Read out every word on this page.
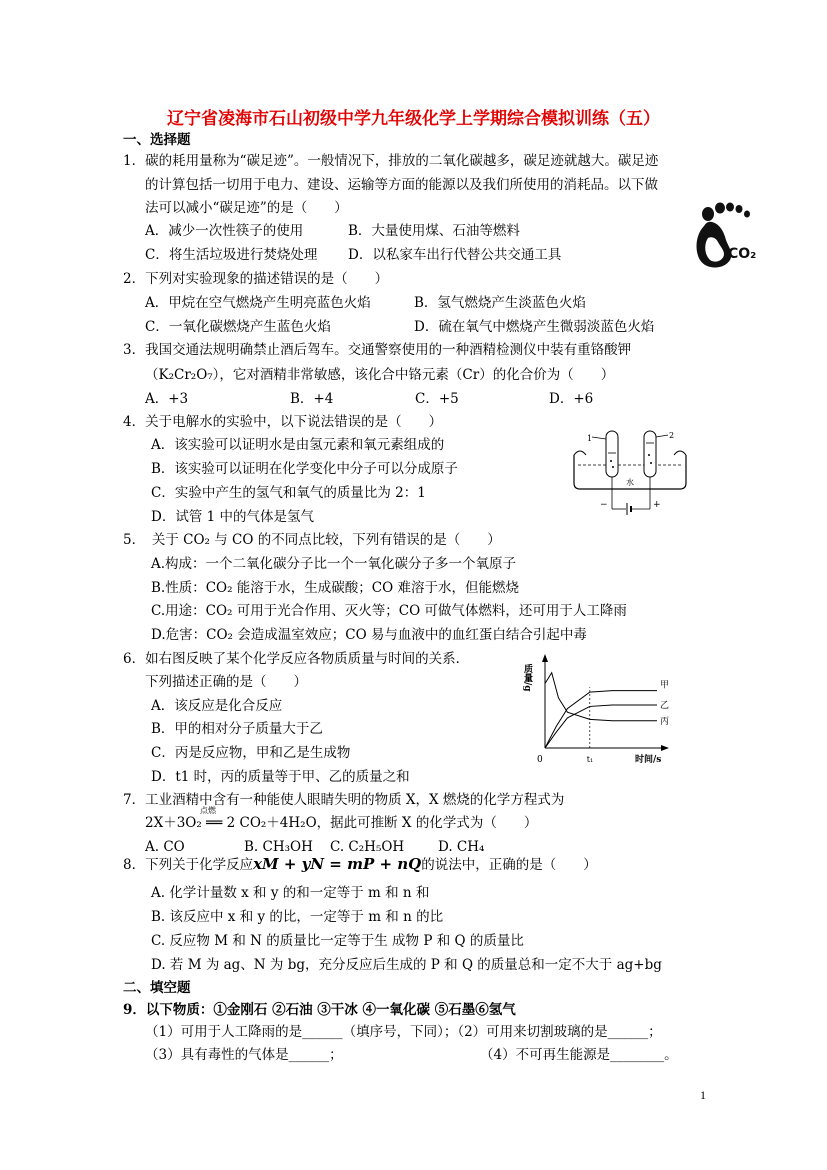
辽宁省凌海市石山初级中学九年级化学上学期综合模拟训练（五）
一、选择题
1．碳的耗用量称为“碳足迹”。一般情况下，排放的二氧化碳越多，碳足迹就越大。碳足迹
的计算包括一切用于电力、建设、运输等方面的能源以及我们所使用的消耗品。以下做
法可以减小“碳足迹”的是（　　）
A．减少一次性筷子的使用	B．大量使用煤、石油等燃料
C．将生活垃圾进行焚烧处理 D．以私家车出行代替公共交通工具	CO₂
2．下列对实验现象的描述错误的是（　　）
A．甲烷在空气燃烧产生明亮蓝色火焰	B．氢气燃烧产生淡蓝色火焰
C．一氧化碳燃烧产生蓝色火焰	D．硫在氧气中燃烧产生微弱淡蓝色火焰
3．我国交通法规明确禁止酒后驾车。交通警察使用的一种酒精检测仪中装有重铬酸钾
（K₂Cr₂O₇），它对酒精非常敏感，该化合中铬元素（Cr）的化合价为（　　）
A．+3	B．+4	C．+5	D．+6
4．关于电解水的实验中，以下说法错误的是（　　）
A．该实验可以证明水是由氢元素和氧元素组成的
B．该实验可以证明在化学变化中分子可以分成原子
C．实验中产生的氢气和氧气的质量比为 2：1
D．试管 1 中的气体是氢气
1	2
水
−	+
5．　关于 CO₂ 与 CO 的不同点比较，下列有错误的是（　　）
A.构成：一个二氧化碳分子比一个一氧化碳分子多一个氧原子
B.性质：CO₂ 能溶于水，生成碳酸；CO 难溶于水，但能燃烧
C.用途：CO₂ 可用于光合作用、灭火等；CO 可做气体燃料，还可用于人工降雨
D.危害：CO₂ 会造成温室效应；CO 易与血液中的血红蛋白结合引起中毒
6．如右图反映了某个化学反应各物质质量与时间的关系．
下列描述正确的是（　　）
A．该反应是化合反应
B．甲的相对分子质量大于乙
C．丙是反应物，甲和乙是生成物
D．t1 时，丙的质量等于甲、乙的质量之和
质量/g
0	时间/s
t₁
甲
乙
丙
7．工业酒精中含有一种能使人眼睛失明的物质 X，X 燃烧的化学方程式为
2X＋3O₂ ══ 2 CO₂＋4H₂O，据此可推断 X 的化学式为（　　）
点燃
A. CO	B. CH₃OH C. C₂H₅OH	D. CH₄
8．下列关于化学反应xM + yN = mP + nQ的说法中，正确的是（　　）
A. 化学计量数 x 和 y 的和一定等于 m 和 n 和
B. 该反应中 x 和 y 的比，一定等于 m 和 n 的比
C. 反应物 M 和 N 的质量比一定等于生 成物 P 和 Q 的质量比
D. 若 M 为 ag、N 为 bg，充分反应后生成的 P 和 Q 的质量总和一定不大于 ag+bg
二、填空题
9．以下物质：①金刚石 ②石油 ③干冰 ④一氧化碳 ⑤石墨⑥氢气
（1）可用于人工降雨的是______（填序号，下同）；（2）可用来切割玻璃的是______；
（3）具有毒性的气体是______；	（4）不可再生能源是________。
1
